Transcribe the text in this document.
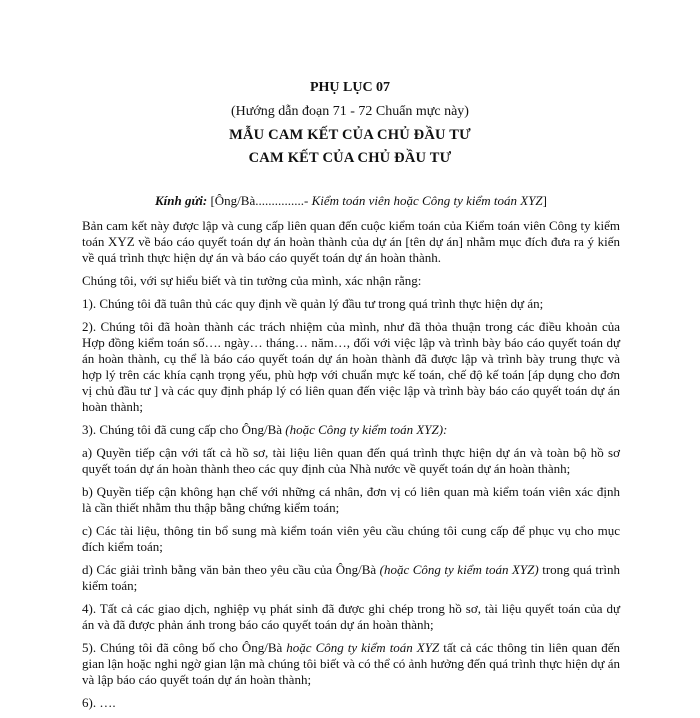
PHỤ LỤC 07
(Hướng dẫn đoạn 71 - 72 Chuẩn mực này)
MẪU CAM KẾT CỦA CHỦ ĐẦU TƯ
CAM KẾT CỦA CHỦ ĐẦU TƯ

Kính gửi: [Ông/Bà...............- Kiểm toán viên hoặc Công ty kiểm toán XYZ]

Bản cam kết này được lập và cung cấp liên quan đến cuộc kiểm toán của Kiểm toán viên Công ty kiểm toán XYZ về báo cáo quyết toán dự án hoàn thành của dự án [tên dự án] nhằm mục đích đưa ra ý kiến về quá trình thực hiện dự án và báo cáo quyết toán dự án hoàn thành.

Chúng tôi, với sự hiểu biết và tin tưởng của mình, xác nhận rằng:

1). Chúng tôi đã tuân thủ các quy định về quản lý đầu tư trong quá trình thực hiện dự án;

2). Chúng tôi đã hoàn thành các trách nhiệm của mình, như đã thỏa thuận trong các điều khoản của Hợp đồng kiểm toán số…. ngày… tháng… năm…, đối với việc lập và trình bày báo cáo quyết toán dự án hoàn thành, cụ thể là báo cáo quyết toán dự án hoàn thành đã được lập và trình bày trung thực và hợp lý trên các khía cạnh trọng yếu, phù hợp với chuẩn mực kế toán, chế độ kế toán [áp dụng cho đơn vị chủ đầu tư ] và các quy định pháp lý có liên quan đến việc lập và trình bày báo cáo quyết toán dự án hoàn thành;

3). Chúng tôi đã cung cấp cho Ông/Bà (hoặc Công ty kiểm toán XYZ):

a) Quyền tiếp cận với tất cả hồ sơ, tài liệu liên quan đến quá trình thực hiện dự án và toàn bộ hồ sơ quyết toán dự án hoàn thành theo các quy định của Nhà nước về quyết toán dự án hoàn thành;

b) Quyền tiếp cận không hạn chế với những cá nhân, đơn vị có liên quan mà kiểm toán viên xác định là cần thiết nhằm thu thập bằng chứng kiểm toán;

c) Các tài liệu, thông tin bổ sung mà kiểm toán viên yêu cầu chúng tôi cung cấp để phục vụ cho mục đích kiểm toán;

d) Các giải trình bằng văn bản theo yêu cầu của Ông/Bà (hoặc Công ty kiểm toán XYZ) trong quá trình kiểm toán;

4). Tất cả các giao dịch, nghiệp vụ phát sinh đã được ghi chép trong hồ sơ, tài liệu quyết toán của dự án và đã được phản ánh trong báo cáo quyết toán dự án hoàn thành;

5). Chúng tôi đã công bố cho Ông/Bà hoặc Công ty kiểm toán XYZ tất cả các thông tin liên quan đến gian lận hoặc nghi ngờ gian lận mà chúng tôi biết và có thể có ảnh hưởng đến quá trình thực hiện dự án và lập báo cáo quyết toán dự án hoàn thành;

6). ….
